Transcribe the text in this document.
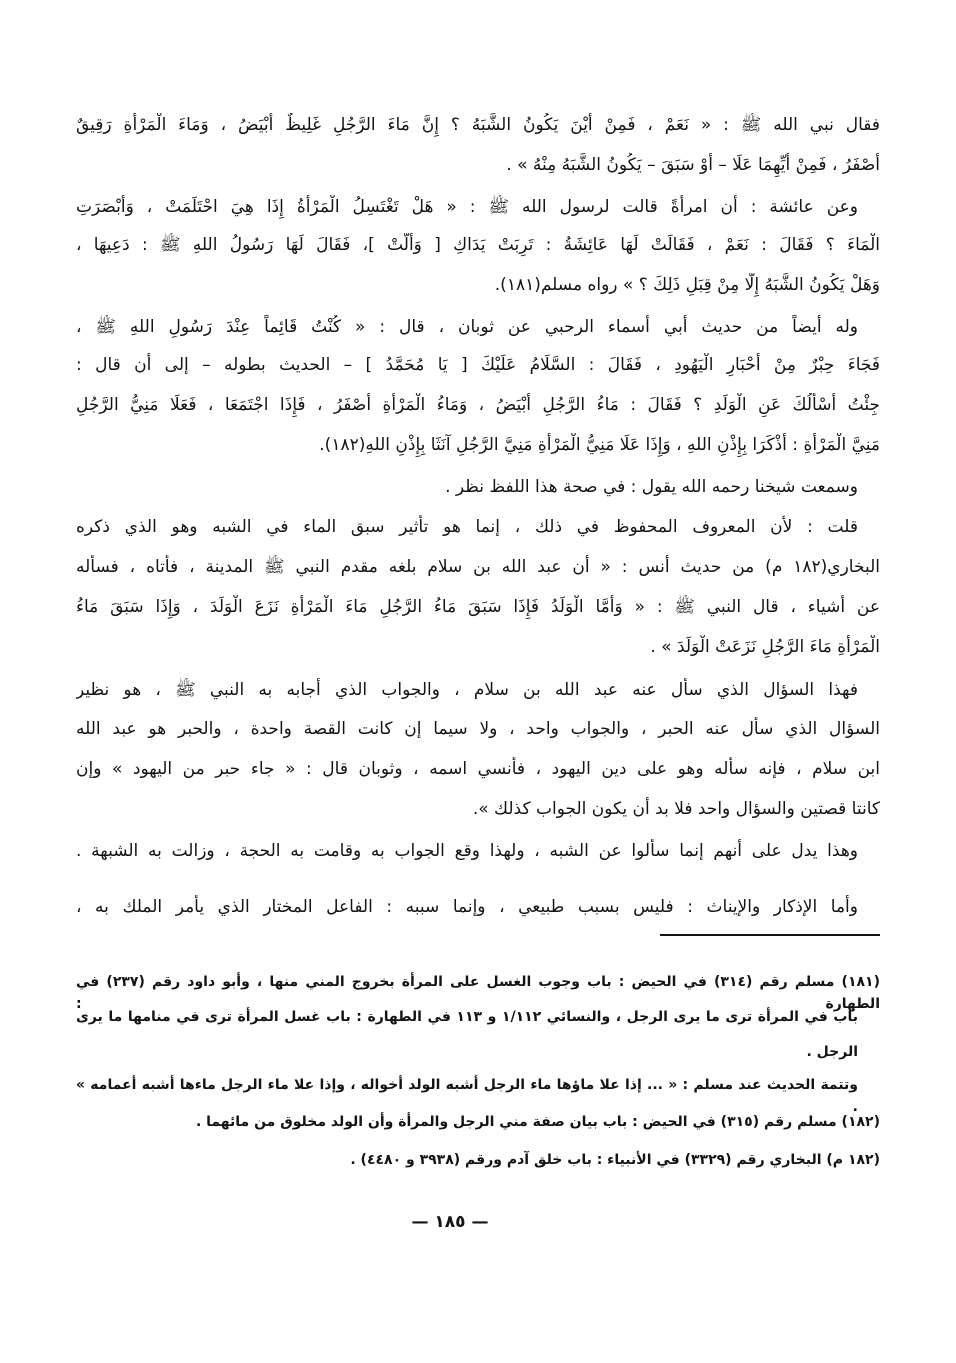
فقال نبي الله ﷺ : « نَعَمْ ، فَمِنْ أَيْنَ يَكُونُ الشَّبَهُ ؟ إِنَّ مَاءَ الرَّجُلِ غَلِيظٌ أَبْيَضُ ، وَمَاءَ الْمَرْأَةِ رَقِيقٌ
أَصْفَرُ ، فَمِنْ أَيِّهِمَا عَلَا – أَوْ سَبَقَ – يَكُونُ الشَّبَهُ مِنْهُ » .
وعن عائشة : أن امرأةً قالت لرسول الله ﷺ : « هَلْ تَغْتَسِلُ الْمَرْأَةُ إِذَا هِيَ احْتَلَمَتْ ، وَأَبْصَرَتِ
الْمَاءَ ؟ فَقَالَ : نَعَمْ ، فَقَالَتْ لَهَا عَائِشَةُ : تَرِبَتْ يَدَاكِ [ وَأُلَّتْ ]، فَقَالَ لَهَا رَسُولُ اللهِ ﷺ : دَعِيهَا ،
وَهَلْ يَكُونُ الشَّبَهُ إِلَّا مِنْ قِبَلِ ذَلِكَ ؟ » رواه مسلم(١٨١).
وله أيضاً من حديث أبي أسماء الرحبي عن ثوبان ، قال : « كُنْتُ قَائِماً عِنْدَ رَسُولِ اللهِ ﷺ ،
فَجَاءَ حِبْرٌ مِنْ أَحْبَارِ الْيَهُودِ ، فَقَالَ : السَّلَامُ عَلَيْكَ [ يَا مُحَمَّدُ ] – الحديث بطوله – إلى أن قال :
جِئْتُ أَسْأَلُكَ عَنِ الْوَلَدِ ؟ فَقَالَ : مَاءُ الرَّجُلِ أَبْيَضُ ، وَمَاءُ الْمَرْأَةِ أَصْفَرُ ، فَإِذَا اجْتَمَعَا ، فَعَلَا مَنِيُّ الرَّجُلِ
مَنِيَّ الْمَرْأَةِ : أَذْكَرَا بِإِذْنِ اللهِ ، وَإِذَا عَلَا مَنِيُّ الْمَرْأَةِ مَنِيَّ الرَّجُلِ آنَثَا بِإِذْنِ اللهِ(١٨٢).
وسمعت شيخنا رحمه الله يقول : في صحة هذا اللفظ نظر .
قلت : لأن المعروف المحفوظ في ذلك ، إنما هو تأثير سبق الماء في الشبه وهو الذي ذكره
البخاري(١٨٢ م) من حديث أنس : « أن عبد الله بن سلام بلغه مقدم النبي ﷺ المدينة ، فأتاه ، فسأله
عن أشياء ، قال النبي ﷺ : « وَأَمَّا الْوَلَدُ فَإِذَا سَبَقَ مَاءُ الرَّجُلِ مَاءَ الْمَرْأَةِ نَزَعَ الْوَلَدَ ، وَإِذَا سَبَقَ مَاءُ
الْمَرْأَةِ مَاءَ الرَّجُلِ نَزَعَتْ الْوَلَدَ » .
فهذا السؤال الذي سأل عنه عبد الله بن سلام ، والجواب الذي أجابه به النبي ﷺ ، هو نظير
السؤال الذي سأل عنه الحبر ، والجواب واحد ، ولا سيما إن كانت القصة واحدة ، والحبر هو عبد الله
ابن سلام ، فإنه سأله وهو على دين اليهود ، فأنسي اسمه ، وثوبان قال : « جاء حبر من اليهود » وإن
كانتا قصتين والسؤال واحد فلا بد أن يكون الجواب كذلك ».
وهذا يدل على أنهم إنما سألوا عن الشبه ، ولهذا وقع الجواب به وقامت به الحجة ، وزالت به الشبهة .
وأما الإذكار والإيناث : فليس بسبب طبيعي ، وإنما سببه : الفاعل المختار الذي يأمر الملك به ،
(١٨١) مسلم رقم (٣١٤) في الحيض : باب وجوب الغسل على المرأة بخروج المني منها ، وأبو داود رقم (٢٣٧) في الطهارة :
باب في المرأة ترى ما يرى الرجل ، والنسائي ١/١١٢ و ١١٣ في الطهارة : باب غسل المرأة ترى في منامها ما يرى
الرجل .
وتتمة الحديث عند مسلم : « ... إذا علا ماؤها ماء الرجل أشبه الولد أخواله ، وإذا علا ماء الرجل ماءها أشبه أعمامه » .
(١٨٢) مسلم رقم (٣١٥) في الحيض : باب بيان صفة مني الرجل والمرأة وأن الولد مخلوق من مائهما .
(١٨٢ م) البخاري رقم (٣٣٢٩) في الأنبياء : باب خلق آدم ورقم (٣٩٣٨ و ٤٤٨٠) .
— ١٨٥ —
